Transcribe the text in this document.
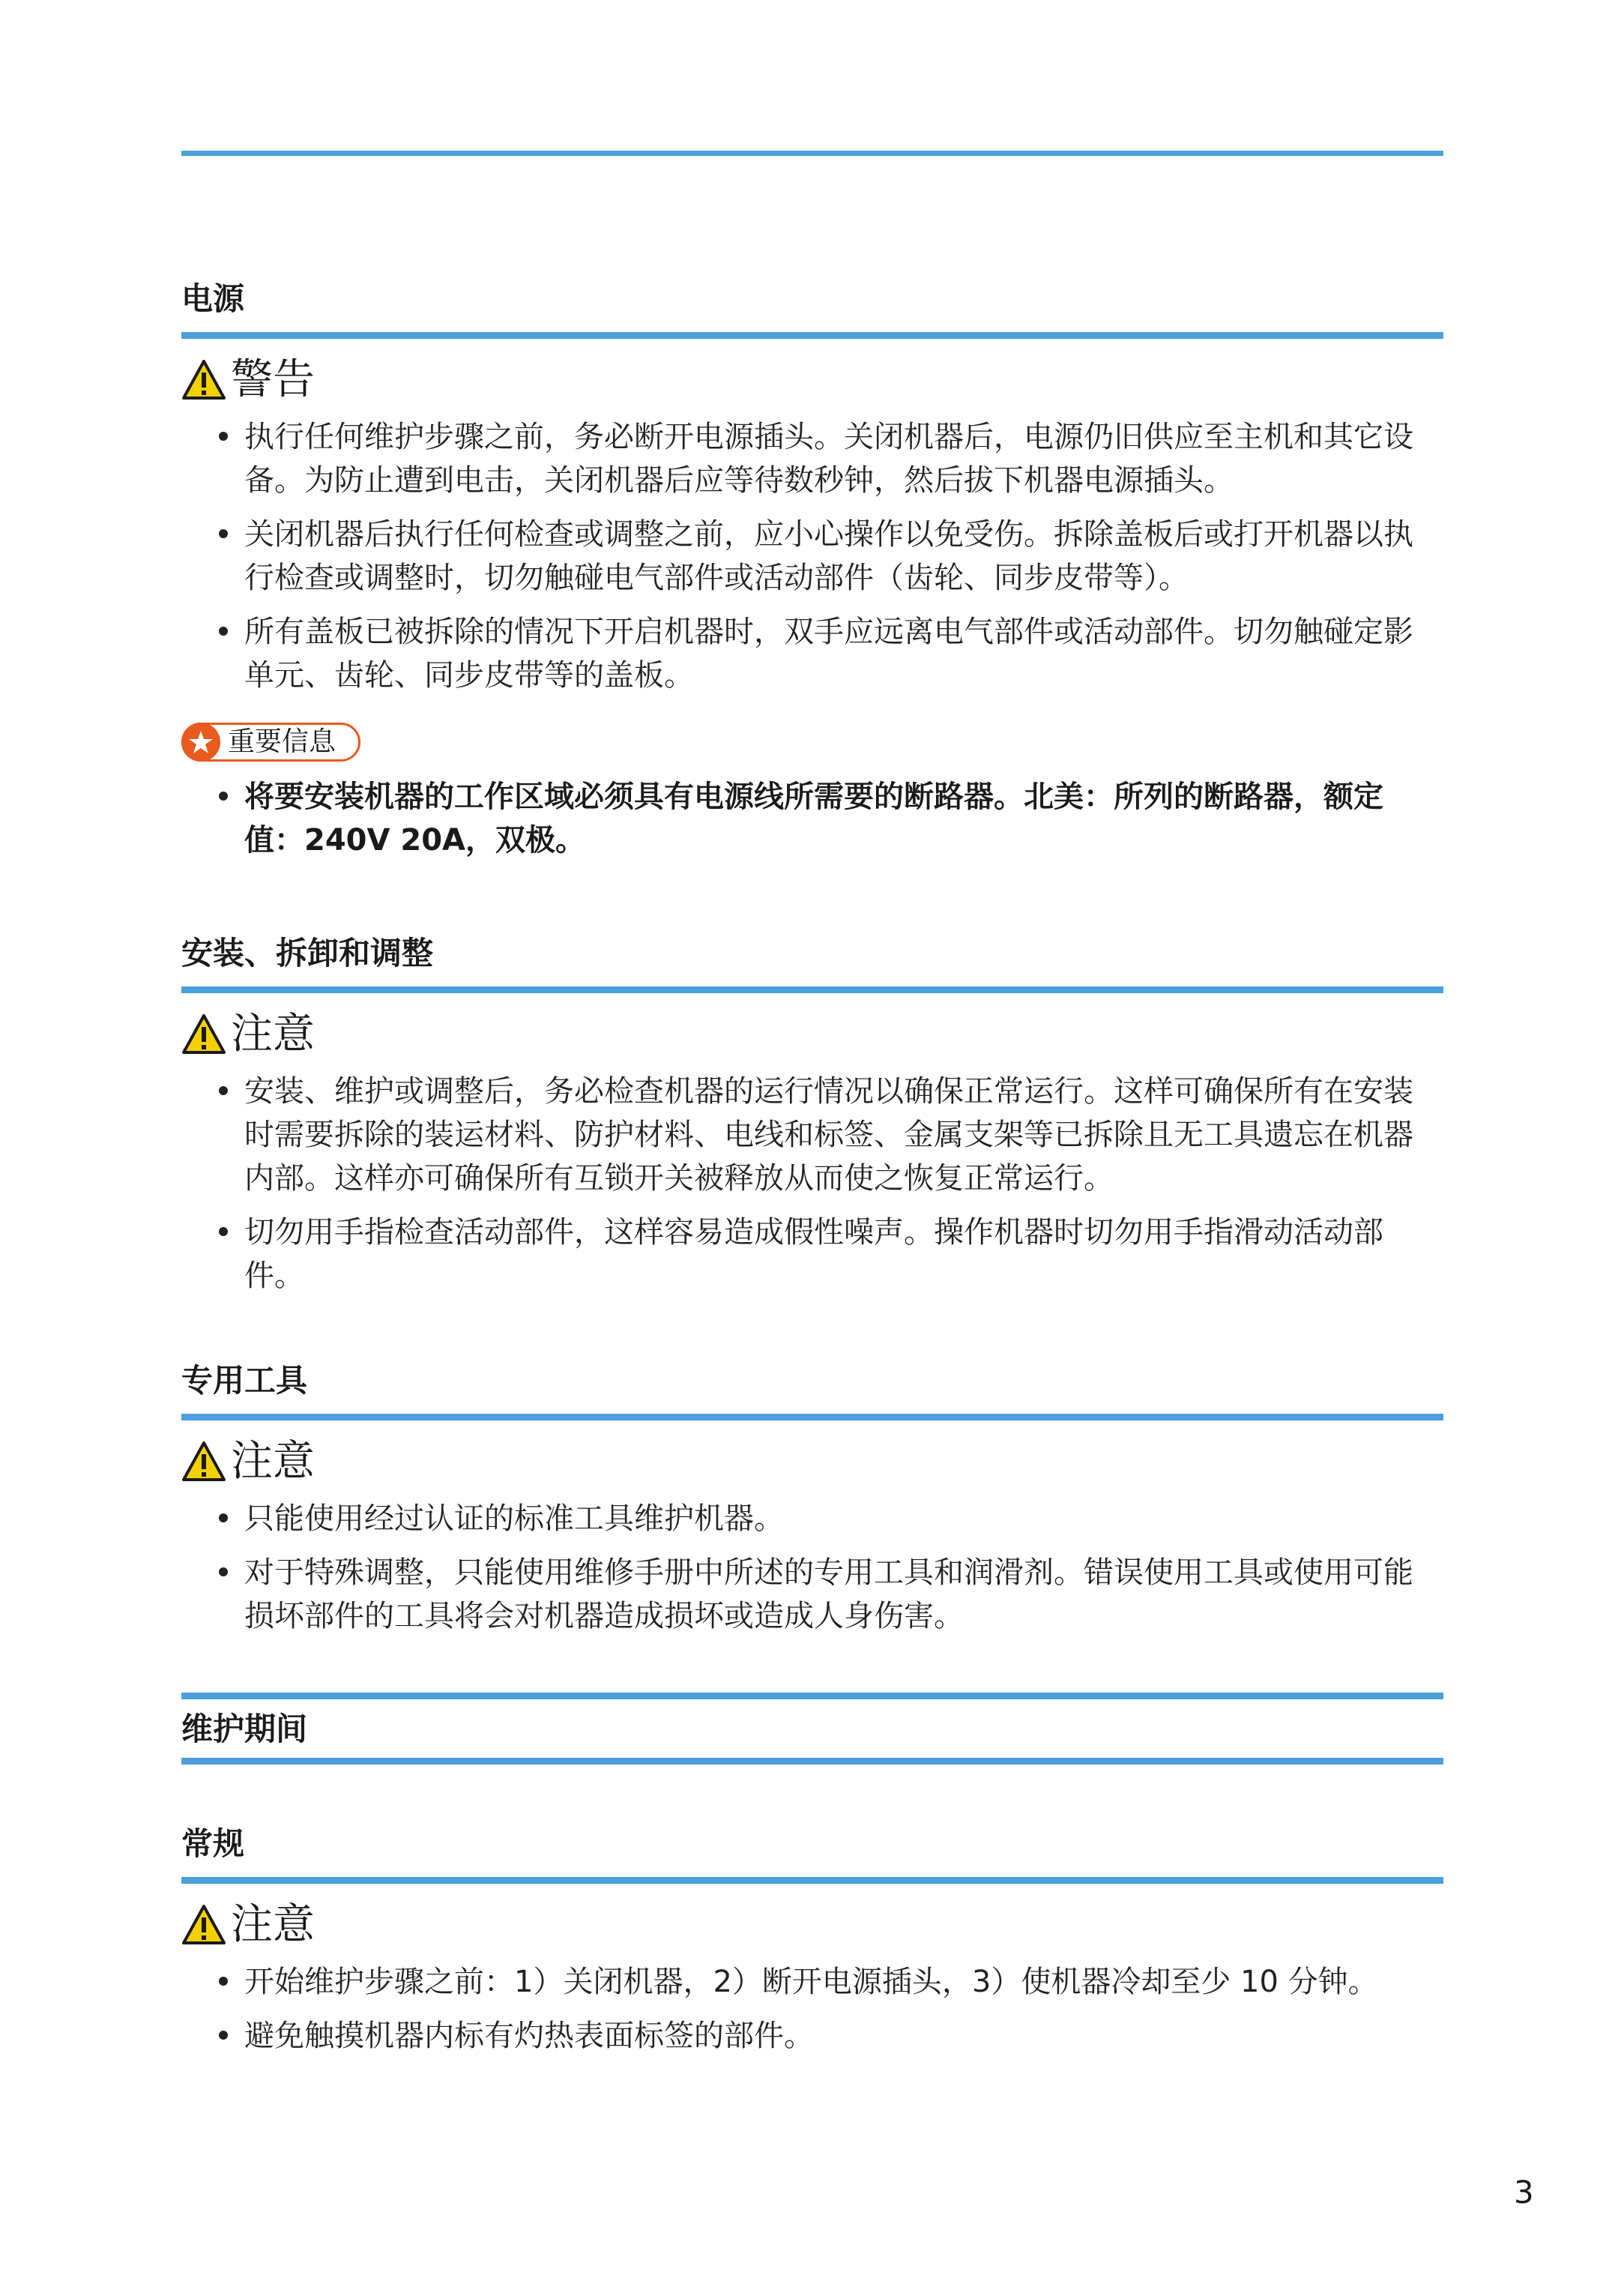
电源
警告
执行任何维护步骤之前，务必断开电源插头。关闭机器后，电源仍旧供应至主机和其它设备。为防止遭到电击，关闭机器后应等待数秒钟，然后拔下机器电源插头。
关闭机器后执行任何检查或调整之前，应小心操作以免受伤。拆除盖板后或打开机器以执行检查或调整时，切勿触碰电气部件或活动部件（齿轮、同步皮带等）。
所有盖板已被拆除的情况下开启机器时，双手应远离电气部件或活动部件。切勿触碰定影单元、齿轮、同步皮带等的盖板。
重要信息
将要安装机器的工作区域必须具有电源线所需要的断路器。北美：所列的断路器，额定值：240V 20A，双极。
安装、拆卸和调整
注意
安装、维护或调整后，务必检查机器的运行情况以确保正常运行。这样可确保所有在安装时需要拆除的装运材料、防护材料、电线和标签、金属支架等已拆除且无工具遗忘在机器内部。这样亦可确保所有互锁开关被释放从而使之恢复正常运行。
切勿用手指检查活动部件，这样容易造成假性噪声。操作机器时切勿用手指滑动活动部件。
专用工具
注意
只能使用经过认证的标准工具维护机器。
对于特殊调整，只能使用维修手册中所述的专用工具和润滑剂。错误使用工具或使用可能损坏部件的工具将会对机器造成损坏或造成人身伤害。
维护期间
常规
注意
开始维护步骤之前：1）关闭机器，2）断开电源插头，3）使机器冷却至少 10 分钟。
避免触摸机器内标有灼热表面标签的部件。
3
